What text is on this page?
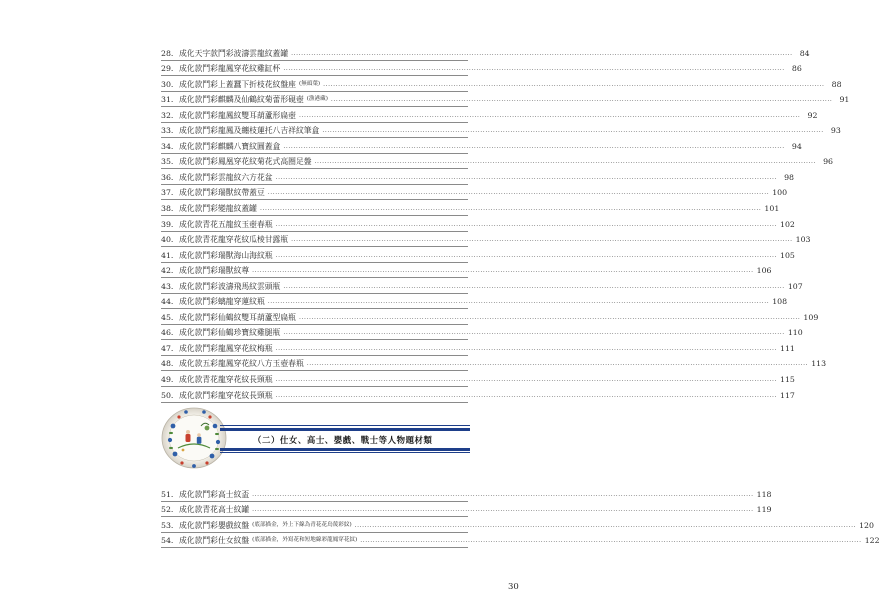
28. 成化天字款鬥彩波濤雲龍紋蓋罐 ........................................................................................................................................................................................................ 84
29. 成化款鬥彩龍鳳穿花紋雞缸杯 ........................................................................................................................................................................................................ 86
30. 成化款鬥彩上蓋蠶下折枝花紋盤座 (無頭葉) ........................................................................................................................................................................................................ 88
31. 成化款鬥彩麒麟及仙鶴紋菊蕾形硯壺 (漁港藏) ........................................................................................................................................................................................................ 91
32. 成化款鬥彩龍鳳紋雙耳葫蘆形扁壺 ........................................................................................................................................................................................................ 92
33. 成化款鬥彩龍鳳及纏枝蓮托八吉祥紋筆盒 ........................................................................................................................................................................................................ 93
34. 成化款鬥彩麒麟八寶紋圓蓋盒 ........................................................................................................................................................................................................ 94
35. 成化款鬥彩鳳凰穿花紋菊花式高圈足盤 ........................................................................................................................................................................................................ 96
36. 成化款鬥彩雲龍紋六方花盆 ........................................................................................................................................................................................................ 98
37. 成化款鬥彩瑞獸紋帶蓋豆 ........................................................................................................................................................................................................ 100
38. 成化款鬥彩變龍紋蓋罐 ........................................................................................................................................................................................................ 101
39. 成化款青花五龍紋玉壺春瓶 ........................................................................................................................................................................................................ 102
40. 成化款青花龍穿花紋瓜棱甘露瓶 ........................................................................................................................................................................................................ 103
41. 成化款鬥彩瑞獸海山海紋瓶 ........................................................................................................................................................................................................ 105
42. 成化款鬥彩瑞獸紋尊 ........................................................................................................................................................................................................ 106
43. 成化款鬥彩波濤飛馬紋雲頭瓶 ........................................................................................................................................................................................................ 107
44. 成化款鬥彩螭龍穿蓮紋瓶 ........................................................................................................................................................................................................ 108
45. 成化款鬥彩仙鶴紋雙耳葫蘆型扁瓶 ........................................................................................................................................................................................................ 109
46. 成化款鬥彩仙鶴珍寶紋雞腿瓶 ........................................................................................................................................................................................................ 110
47. 成化款鬥彩龍鳳穿花紋梅瓶 ........................................................................................................................................................................................................ 111
48. 成化款五彩龍鳳穿花紋八方玉壺春瓶 ........................................................................................................................................................................................................ 113
49. 成化款青花龍穿花紋長頸瓶 ........................................................................................................................................................................................................ 115
50. 成化款鬥彩龍穿花紋長頸瓶 ........................................................................................................................................................................................................ 117
（二）仕女、高士、嬰戲、戰士等人物題材類
51. 成化款鬥彩高士紋盃 ........................................................................................................................................................................................................ 118
52. 成化款青花高士紋罐 ........................................................................................................................................................................................................ 119
53. 成化款鬥彩嬰戲紋盤 (底部描金，外上下線為青花花鳥蔑彩紋) ........................................................................................................................................................................................................ 120
54. 成化款鬥彩仕女紋盤 (底部描金，外寫花和短地線彩龍鳳穿花紋) ........................................................................................................................................................................................................ 122
30
